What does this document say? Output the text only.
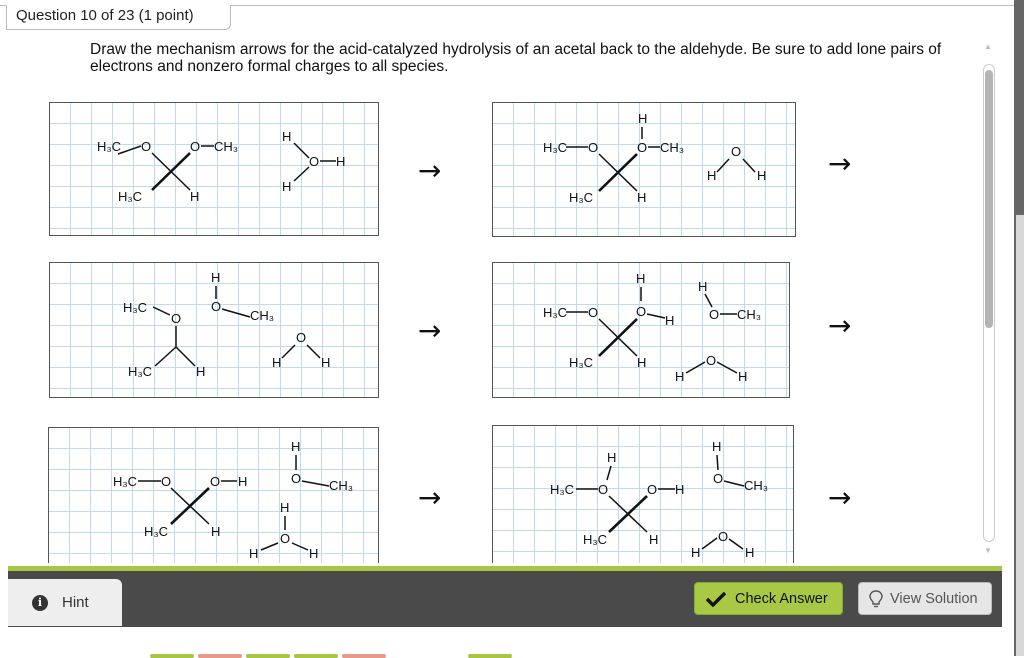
Question 10 of 23 (1 point)
Draw the mechanism arrows for the acid-catalyzed hydrolysis of an acetal back to the aldehyde. Be sure to add lone pairs of electrons and nonzero formal charges to all species.
H₃C O	O CH₃
H₃C	H
H
O H
H	→
H
H₃C O	O CH₃
H₃C	H
H
O
H →
H₃C
O
H₃C	H
H
O
CH₃
O
H	H
→
H₃C O
H
O
H
H₃C	H
H
O CH₃
H
O
H
→
H₃C O	O H
H₃C	H
H
O CH₃
H
O
H	H
→
H
H₃C O	O H
H₃C	H
H
O CH₃
H
O
H
→
▲
▼
i	Hint	Check Answer	View Solution
